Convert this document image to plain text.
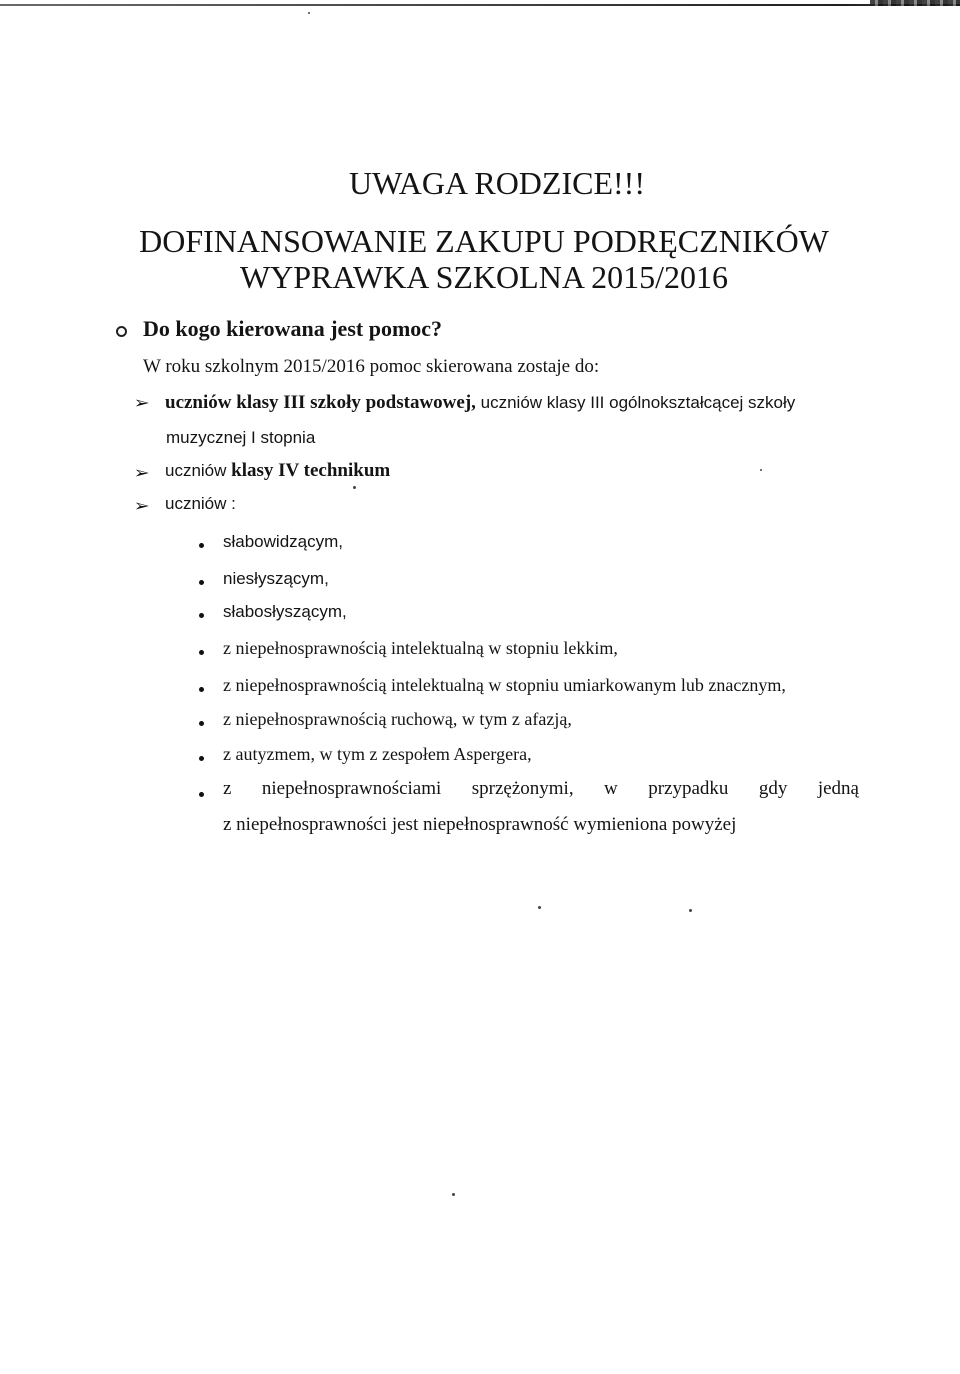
UWAGA RODZICE!!!
DOFINANSOWANIE ZAKUPU PODRĘCZNIKÓW
WYPRAWKA SZKOLNA 2015/2016
Do kogo kierowana jest pomoc?
W roku szkolnym 2015/2016 pomoc skierowana zostaje do:
➢ uczniów klasy III szkoły podstawowej, uczniów klasy III ogólnokształcącej szkoły
muzycznej I stopnia
➢ uczniów klasy IV technikum
➢ uczniów :
słabowidzącym,
niesłyszącym,
słabosłyszącym,
z niepełnosprawnością intelektualną w stopniu lekkim,
z niepełnosprawnością intelektualną w stopniu umiarkowanym lub znacznym,
z niepełnosprawnością ruchową, w tym z afazją,
z autyzmem, w tym z zespołem Aspergera,
z niepełnosprawnościami sprzężonymi, w przypadku gdy jedną
z niepełnosprawności jest niepełnosprawność wymieniona powyżej
